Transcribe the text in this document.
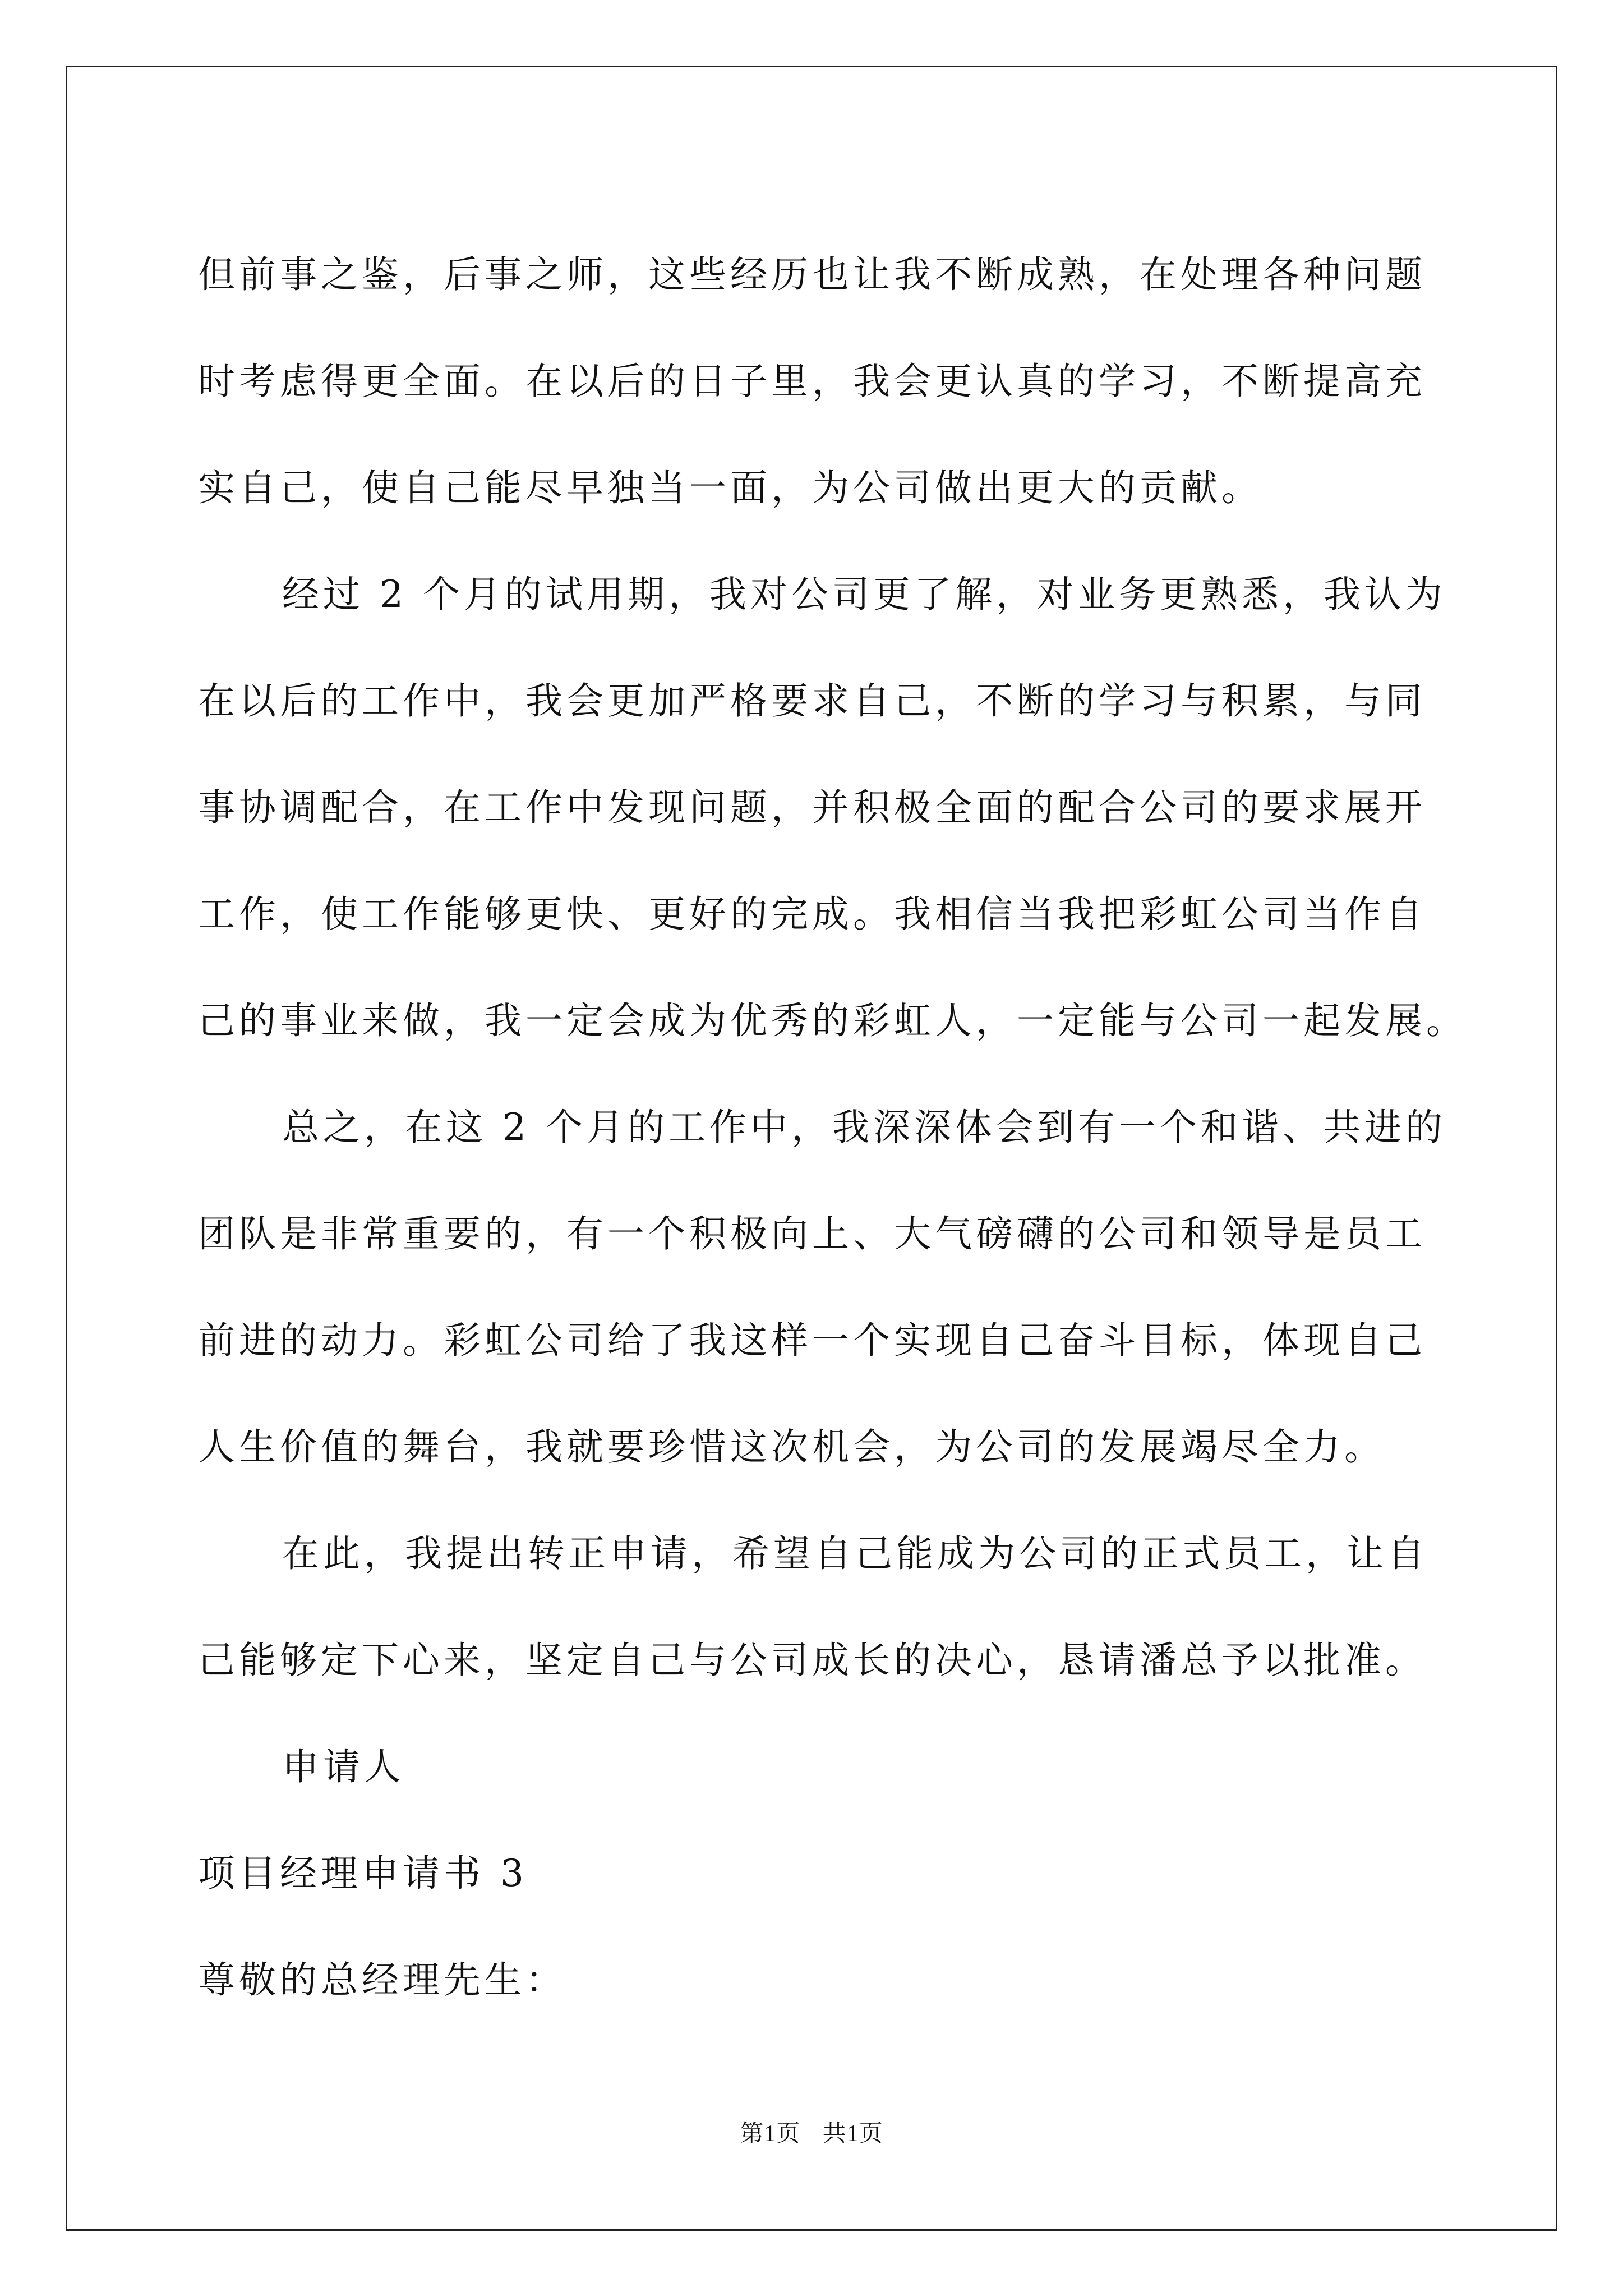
但前事之鉴，后事之师，这些经历也让我不断成熟，在处理各种问题
时考虑得更全面。在以后的日子里，我会更认真的学习，不断提高充
实自己，使自己能尽早独当一面，为公司做出更大的贡献。
经过 2 个月的试用期，我对公司更了解，对业务更熟悉，我认为
在以后的工作中，我会更加严格要求自己，不断的学习与积累，与同
事协调配合，在工作中发现问题，并积极全面的配合公司的要求展开
工作，使工作能够更快、更好的完成。我相信当我把彩虹公司当作自
己的事业来做，我一定会成为优秀的彩虹人，一定能与公司一起发展。
总之，在这 2 个月的工作中，我深深体会到有一个和谐、共进的
团队是非常重要的，有一个积极向上、大气磅礴的公司和领导是员工
前进的动力。彩虹公司给了我这样一个实现自己奋斗目标，体现自己
人生价值的舞台，我就要珍惜这次机会，为公司的发展竭尽全力。
在此，我提出转正申请，希望自己能成为公司的正式员工，让自
己能够定下心来，坚定自己与公司成长的决心，恳请潘总予以批准。
申请人
项目经理申请书 3
尊敬的总经理先生：
第1页 共1页
